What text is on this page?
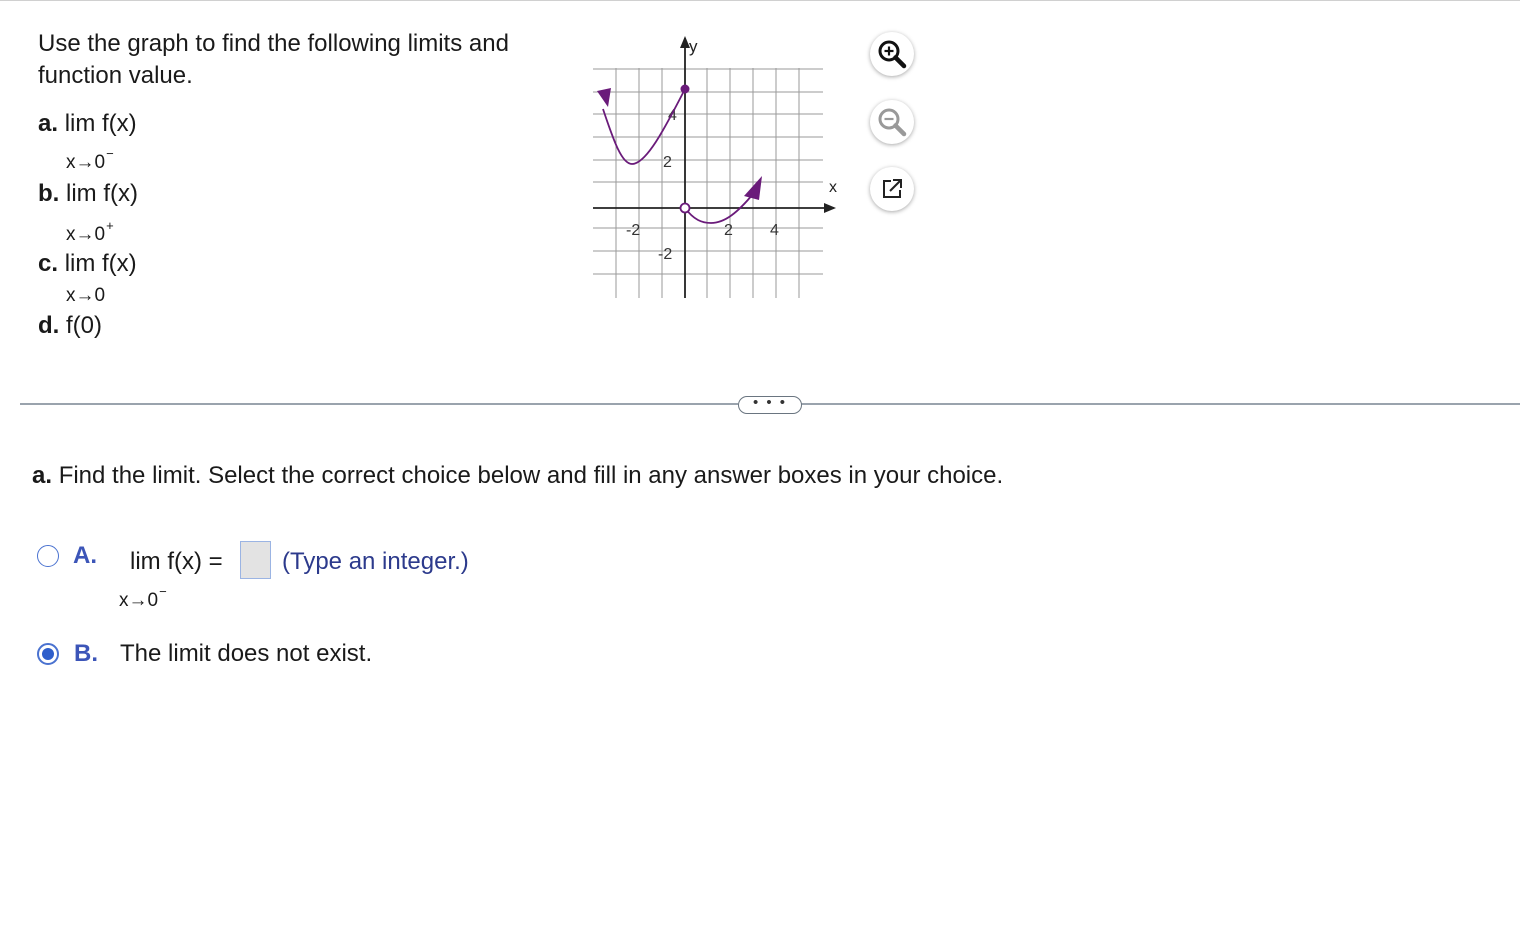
Use the graph to find the following limits and function value.
a. lim f(x)
x→0−
b. lim f(x)
x→0+
c. lim f(x)
x→0
d. f(0)
y
x
-2	2 4
4
2
-2
• • •
a. Find the limit. Select the correct choice below and fill in any answer boxes in your choice.
A. lim f(x) = (Type an integer.)
x→0−
B. The limit does not exist.
